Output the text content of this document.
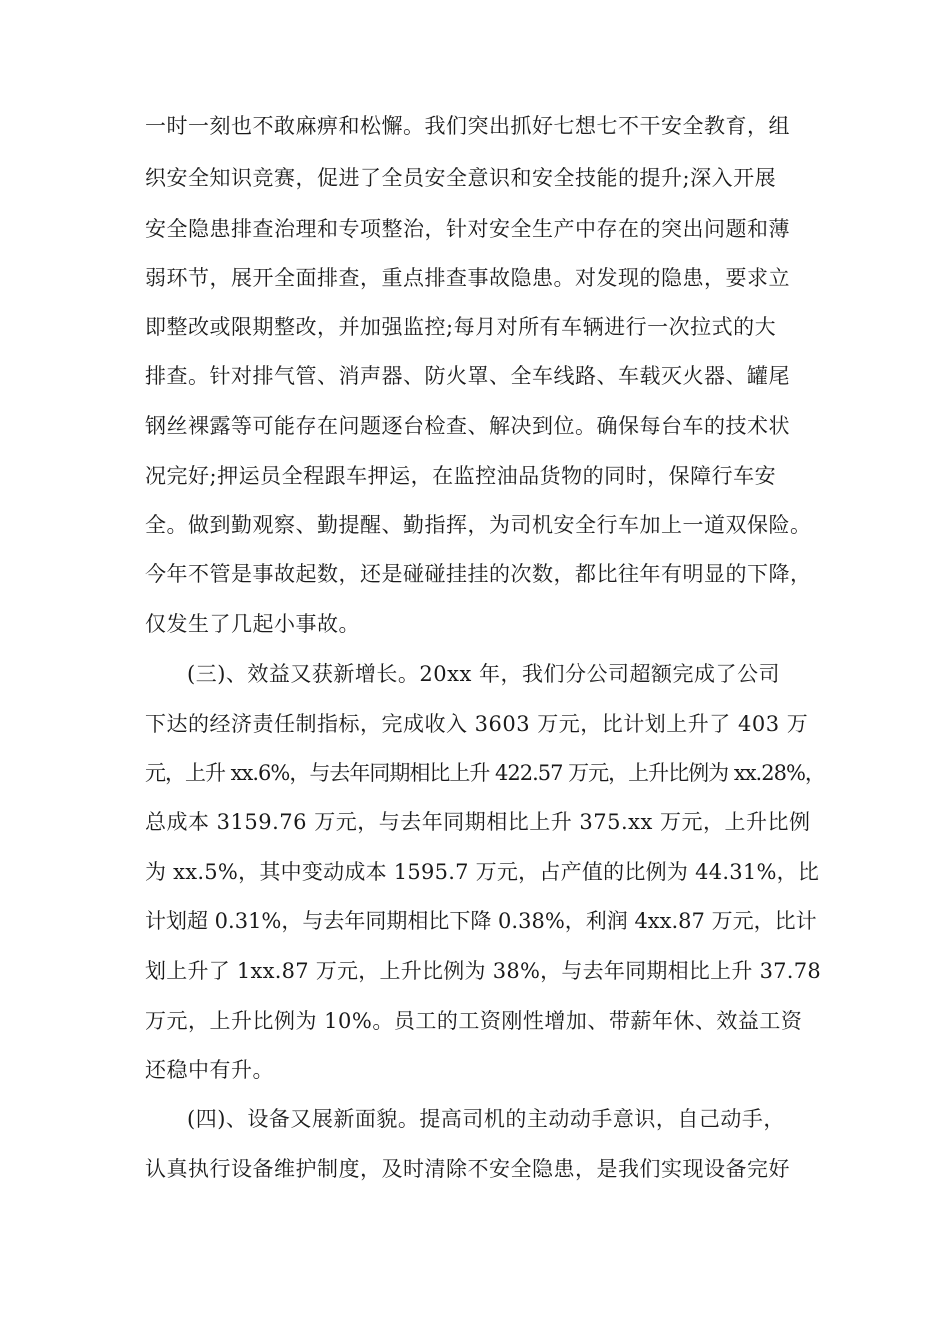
一时一刻也不敢麻痹和松懈。我们突出抓好七想七不干安全教育，组
织安全知识竞赛，促进了全员安全意识和安全技能的提升;深入开展
安全隐患排查治理和专项整治，针对安全生产中存在的突出问题和薄
弱环节，展开全面排查，重点排查事故隐患。对发现的隐患，要求立
即整改或限期整改，并加强监控;每月对所有车辆进行一次拉式的大
排查。针对排气管、消声器、防火罩、全车线路、车载灭火器、罐尾
钢丝裸露等可能存在问题逐台检查、解决到位。确保每台车的技术状
况完好;押运员全程跟车押运，在监控油品货物的同时，保障行车安
全。做到勤观察、勤提醒、勤指挥，为司机安全行车加上一道双保险。
今年不管是事故起数，还是碰碰挂挂的次数，都比往年有明显的下降，
仅发生了几起小事故。
(三)、效益又获新增长。20xx 年，我们分公司超额完成了公司
下达的经济责任制指标，完成收入 3603 万元，比计划上升了 403 万
元，上升 xx.6%，与去年同期相比上升 422.57 万元，上升比例为 xx.28%，
总成本 3159.76 万元，与去年同期相比上升 375.xx 万元，上升比例
为 xx.5%，其中变动成本 1595.7 万元，占产值的比例为 44.31%，比
计划超 0.31%，与去年同期相比下降 0.38%，利润 4xx.87 万元，比计
划上升了 1xx.87 万元，上升比例为 38%，与去年同期相比上升 37.78
万元，上升比例为 10%。员工的工资刚性增加、带薪年休、效益工资
还稳中有升。
(四)、设备又展新面貌。提高司机的主动动手意识，自己动手，
认真执行设备维护制度，及时清除不安全隐患，是我们实现设备完好
